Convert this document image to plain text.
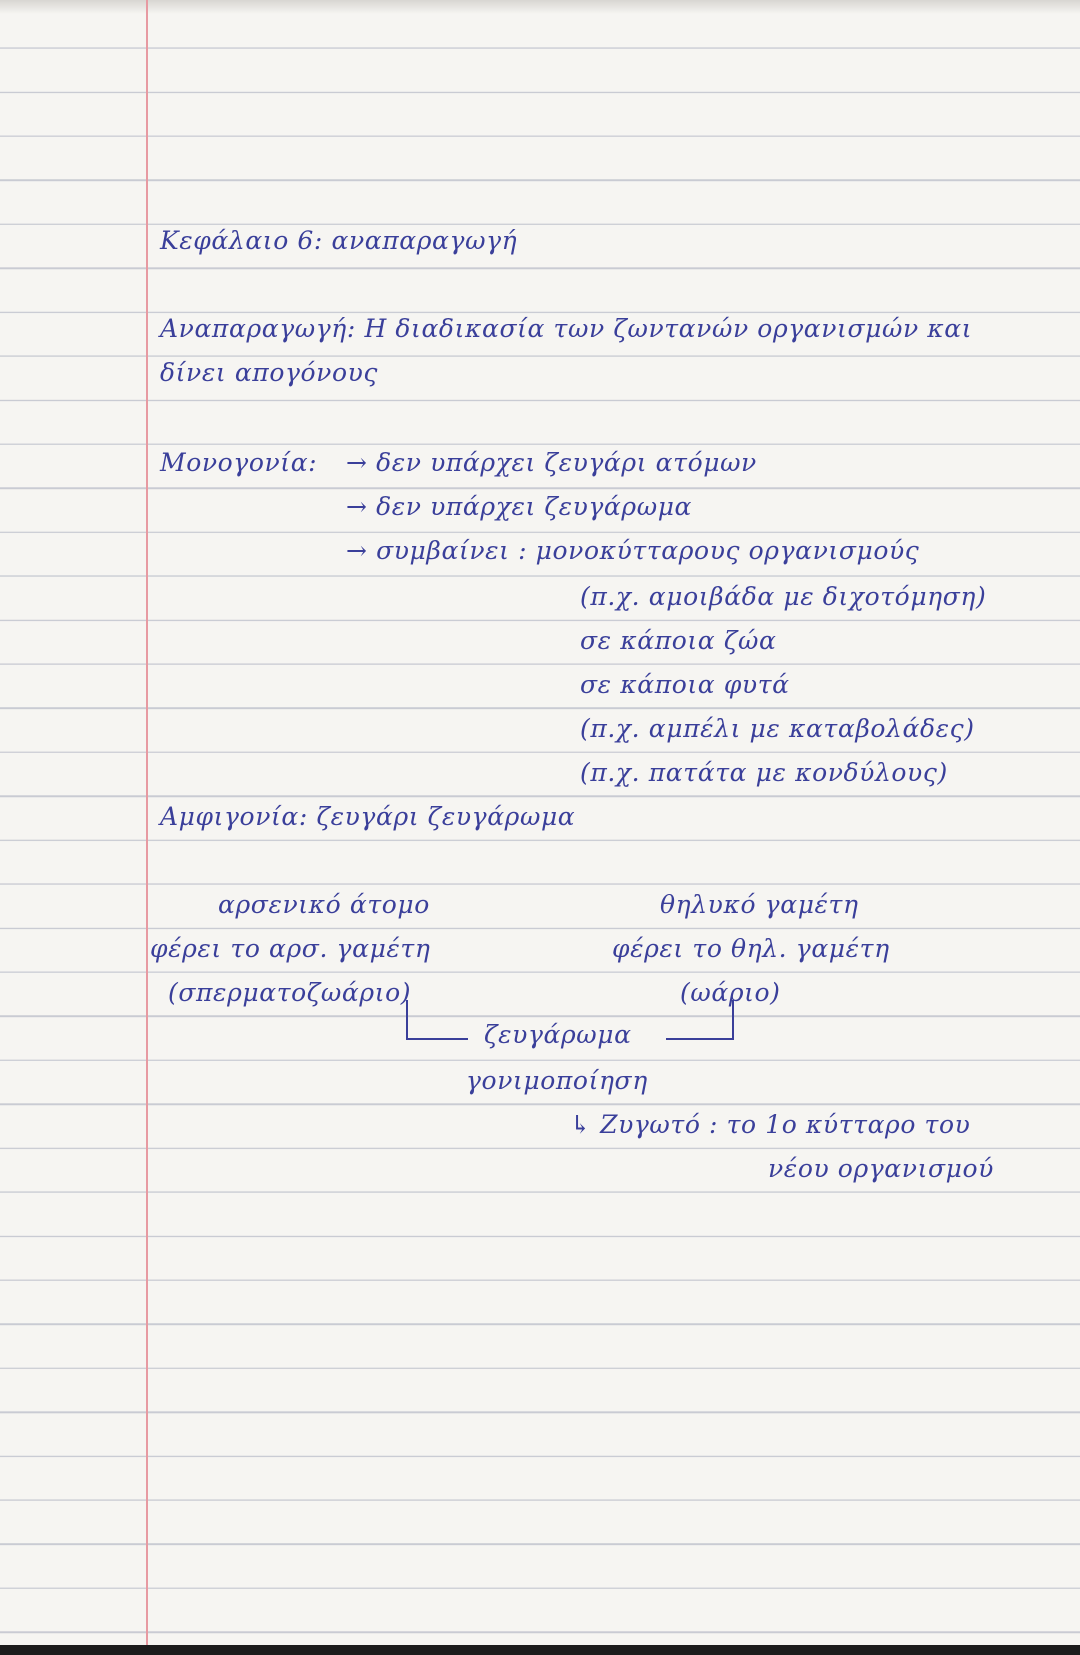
Κεφάλαιο 6: αναπαραγωγή
Αναπαραγωγή: Η διαδικασία των ζωντανών οργανισμών και
δίνει απογόνους
Μονογονία: → δεν υπάρχει ζευγάρι ατόμων
→ δεν υπάρχει ζευγάρωμα
→ συμβαίνει : μονοκύτταρους οργανισμούς
(π.χ. αμοιβάδα με διχοτόμηση)
σε κάποια ζώα
σε κάποια φυτά
(π.χ. αμπέλι με καταβολάδες)
(π.χ. πατάτα με κονδύλους)
Αμφιγονία: ζευγάρι ζευγάρωμα
αρσενικό άτομο
φέρει το αρσ. γαμέτη
(σπερματοζωάριο)
θηλυκό γαμέτη
φέρει το θηλ. γαμέτη
(ωάριο)
ζευγάρωμα
γονιμοποίηση
↳ Ζυγωτό : το 1ο κύτταρο του
νέου οργανισμού
